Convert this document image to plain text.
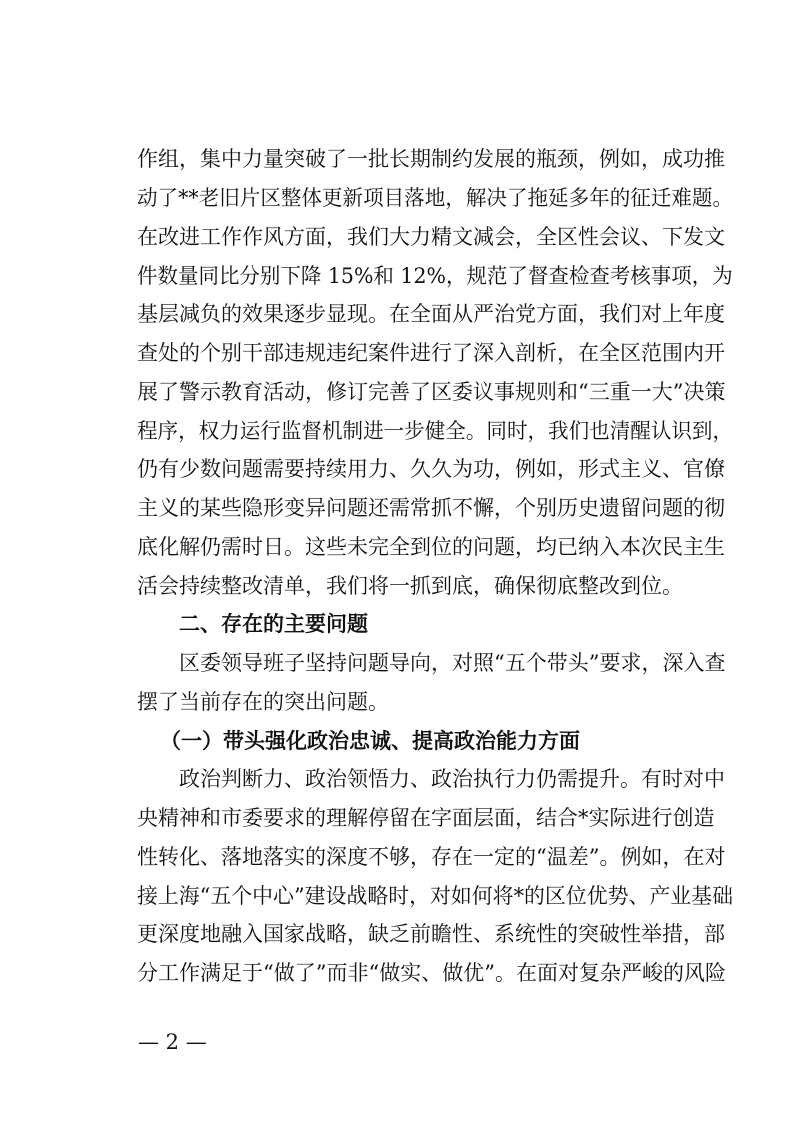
作组，集中力量突破了一批长期制约发展的瓶颈，例如，成功推
动了**老旧片区整体更新项目落地，解决了拖延多年的征迁难题。
在改进工作作风方面，我们大力精文减会，全区性会议、下发文
件数量同比分别下降 15%和 12%，规范了督查检查考核事项，为
基层减负的效果逐步显现。在全面从严治党方面，我们对上年度
查处的个别干部违规违纪案件进行了深入剖析，在全区范围内开
展了警示教育活动，修订完善了区委议事规则和“三重一大”决策
程序，权力运行监督机制进一步健全。同时，我们也清醒认识到，
仍有少数问题需要持续用力、久久为功，例如，形式主义、官僚
主义的某些隐形变异问题还需常抓不懈，个别历史遗留问题的彻
底化解仍需时日。这些未完全到位的问题，均已纳入本次民主生
活会持续整改清单，我们将一抓到底，确保彻底整改到位。
二、存在的主要问题
区委领导班子坚持问题导向，对照“五个带头”要求，深入查
摆了当前存在的突出问题。
（一）带头强化政治忠诚、提高政治能力方面
政治判断力、政治领悟力、政治执行力仍需提升。有时对中
央精神和市委要求的理解停留在字面层面，结合*实际进行创造
性转化、落地落实的深度不够，存在一定的“温差”。例如，在对
接上海“五个中心”建设战略时，对如何将*的区位优势、产业基础
更深度地融入国家战略，缺乏前瞻性、系统性的突破性举措，部
分工作满足于“做了”而非“做实、做优”。在面对复杂严峻的风险
— 2 —
